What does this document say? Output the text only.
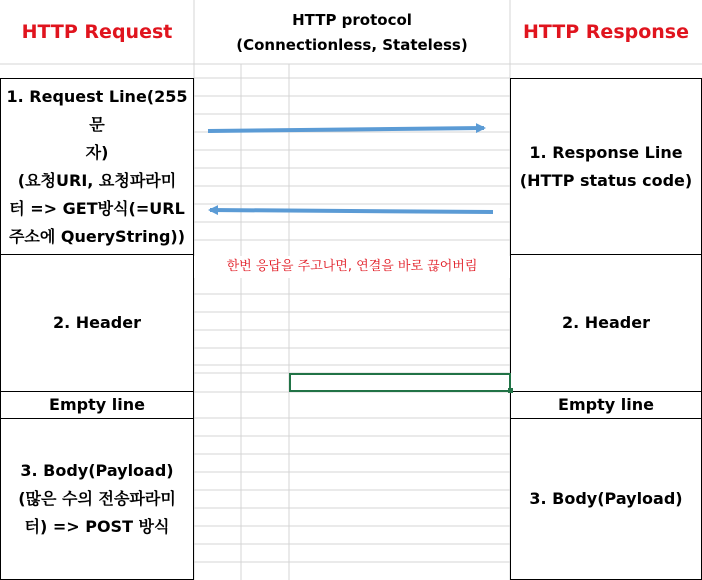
HTTP Request
HTTP protocol
(Connectionless, Stateless)
HTTP Response
1. Request Line(255문
자)
(요청URI, 요청파라미
터 => GET방식(=URL
주소에 QueryString))
2. Header
Empty line
3. Body(Payload)
(많은 수의 전송파라미
터) => POST 방식
1. Response Line
(HTTP status code)
2. Header
Empty line
3. Body(Payload)
한번 응답을 주고나면, 연결을 바로 끊어버림
